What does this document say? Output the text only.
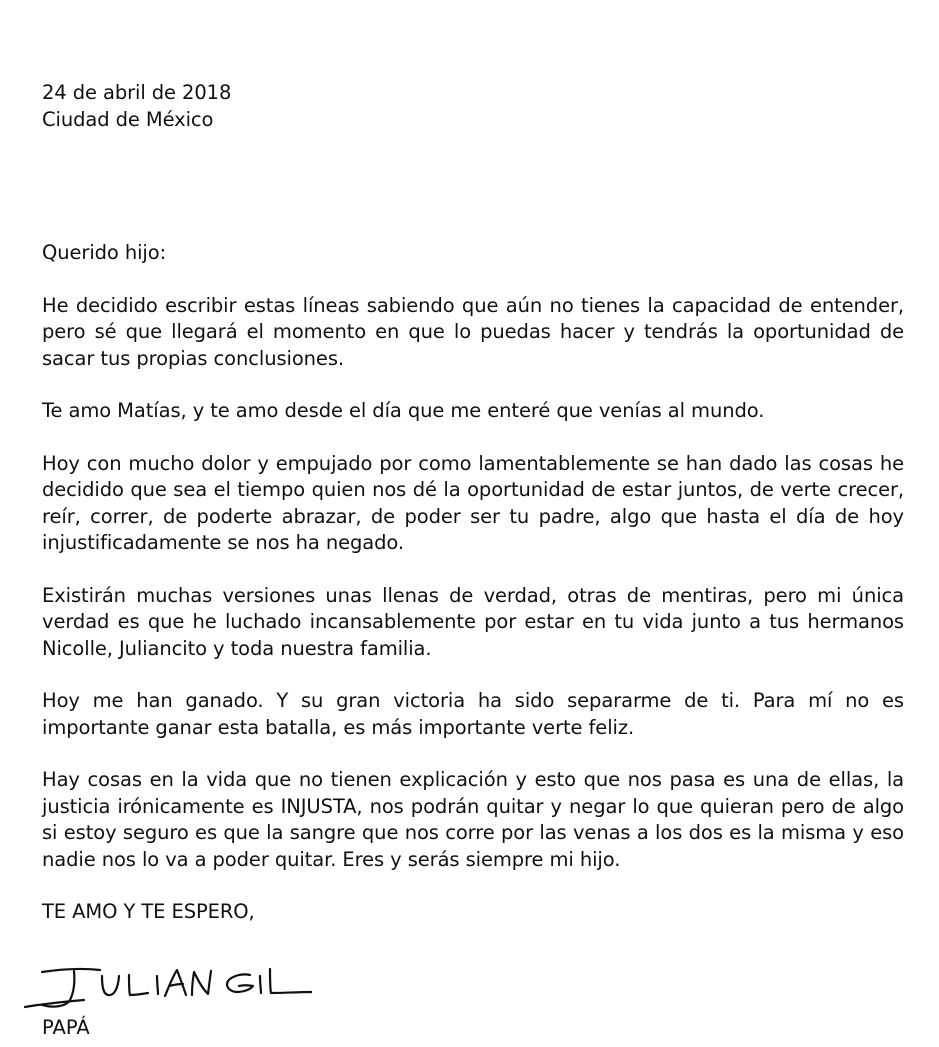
24 de abril de 2018

Ciudad de México

Querido hijo:

He decidido escribir estas líneas sabiendo que aún no tienes la capacidad de entender, pero sé que llegará el momento en que lo puedas hacer y tendrás la oportunidad de sacar tus propias conclusiones.

Te amo Matías, y te amo desde el día que me enteré que venías al mundo.

Hoy con mucho dolor y empujado por como lamentablemente se han dado las cosas he decidido que sea el tiempo quien nos dé la oportunidad de estar juntos, de verte crecer, reír, correr, de poderte abrazar, de poder ser tu padre, algo que hasta el día de hoy injustificadamente se nos ha negado.

Existirán muchas versiones unas llenas de verdad, otras de mentiras, pero mi única verdad es que he luchado incansablemente por estar en tu vida junto a tus hermanos Nicolle, Juliancito y toda nuestra familia.

Hoy me han ganado. Y su gran victoria ha sido separarme de ti. Para mí no es importante ganar esta batalla, es más importante verte feliz.

Hay cosas en la vida que no tienen explicación y esto que nos pasa es una de ellas, la justicia irónicamente es INJUSTA, nos podrán quitar y negar lo que quieran pero de algo si estoy seguro es que la sangre que nos corre por las venas a los dos es la misma y eso nadie nos lo va a poder quitar. Eres y serás siempre mi hijo.

TE AMO Y TE ESPERO,

PAPÁ
